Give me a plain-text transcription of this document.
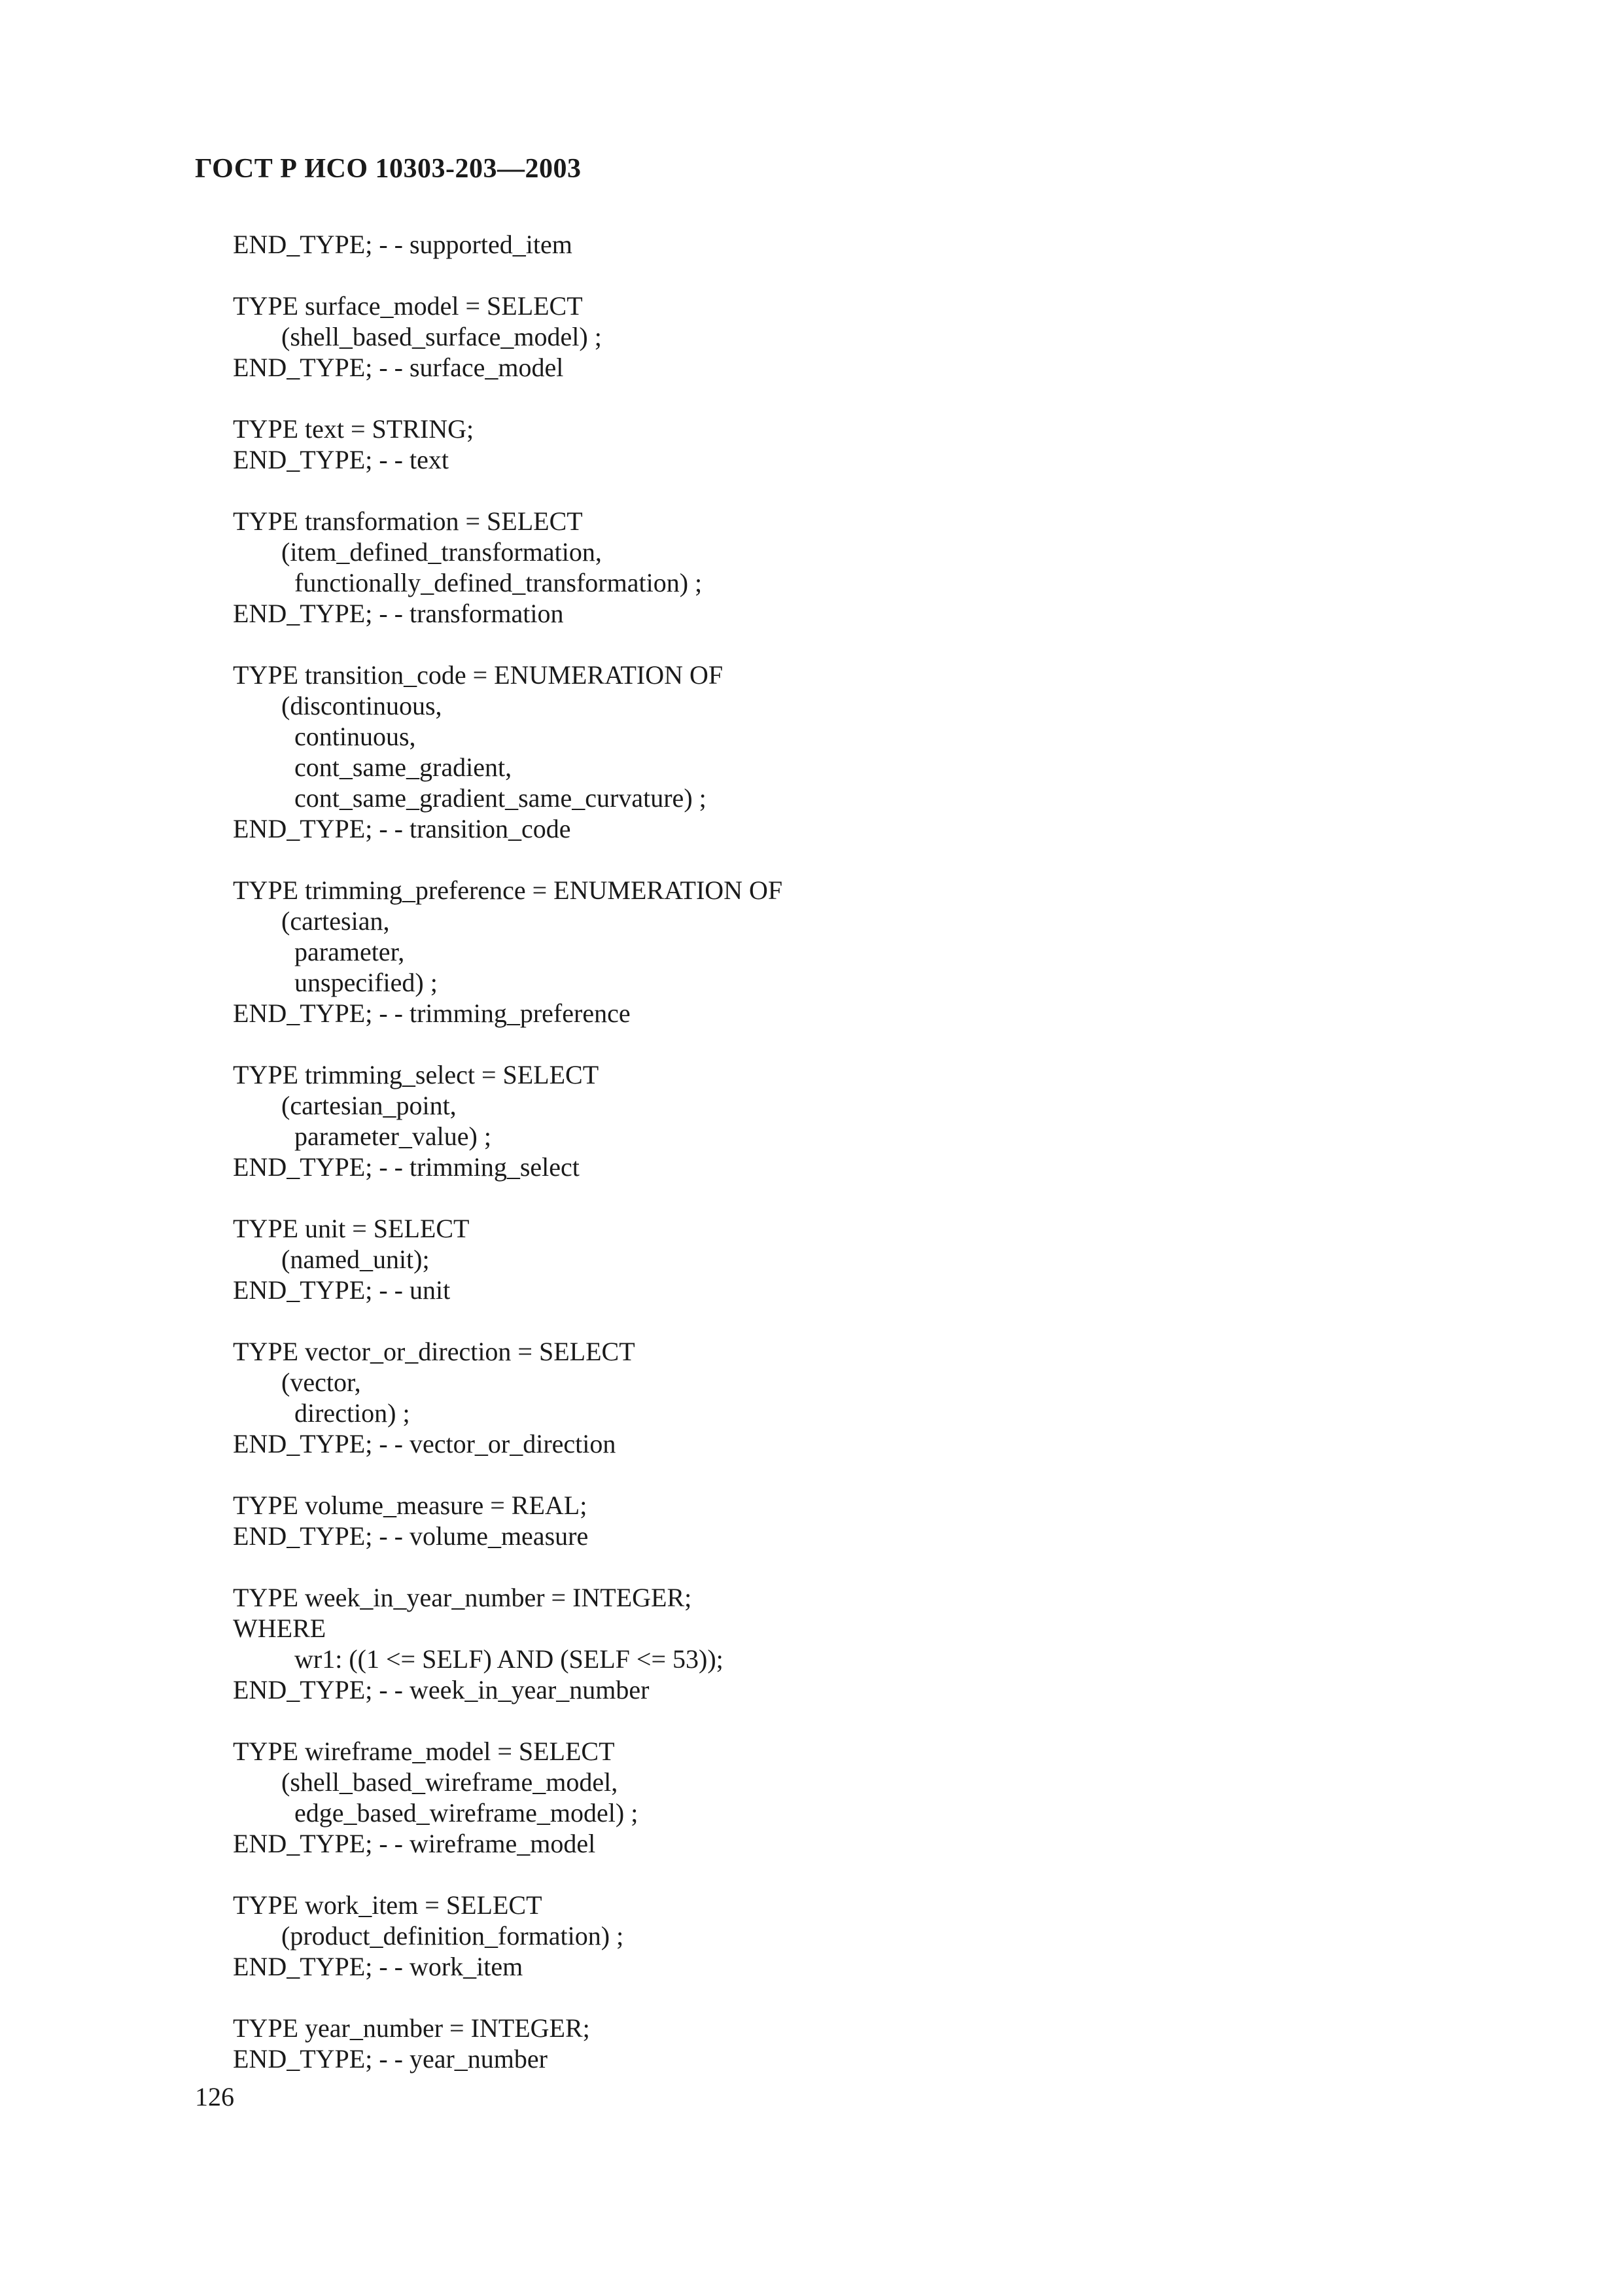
ГОСТ Р ИСО 10303-203—2003
END_TYPE; - - supported_item
TYPE surface_model = SELECT
(shell_based_surface_model) ;
END_TYPE; - - surface_model
TYPE text = STRING;
END_TYPE; - - text
TYPE transformation = SELECT
(item_defined_transformation,
functionally_defined_transformation) ;
END_TYPE; - - transformation
TYPE transition_code = ENUMERATION OF
(discontinuous,
continuous,
cont_same_gradient,
cont_same_gradient_same_curvature) ;
END_TYPE; - - transition_code
TYPE trimming_preference = ENUMERATION OF
(cartesian,
parameter,
unspecified) ;
END_TYPE; - - trimming_preference
TYPE trimming_select = SELECT
(cartesian_point,
parameter_value) ;
END_TYPE; - - trimming_select
TYPE unit = SELECT
(named_unit);
END_TYPE; - - unit
TYPE vector_or_direction = SELECT
(vector,
direction) ;
END_TYPE; - - vector_or_direction
TYPE volume_measure = REAL;
END_TYPE; - - volume_measure
TYPE week_in_year_number = INTEGER;
WHERE
wr1: ((1 <= SELF) AND (SELF <= 53));
END_TYPE; - - week_in_year_number
TYPE wireframe_model = SELECT
(shell_based_wireframe_model,
edge_based_wireframe_model) ;
END_TYPE; - - wireframe_model
TYPE work_item = SELECT
(product_definition_formation) ;
END_TYPE; - - work_item
TYPE year_number = INTEGER;
END_TYPE; - - year_number
126
